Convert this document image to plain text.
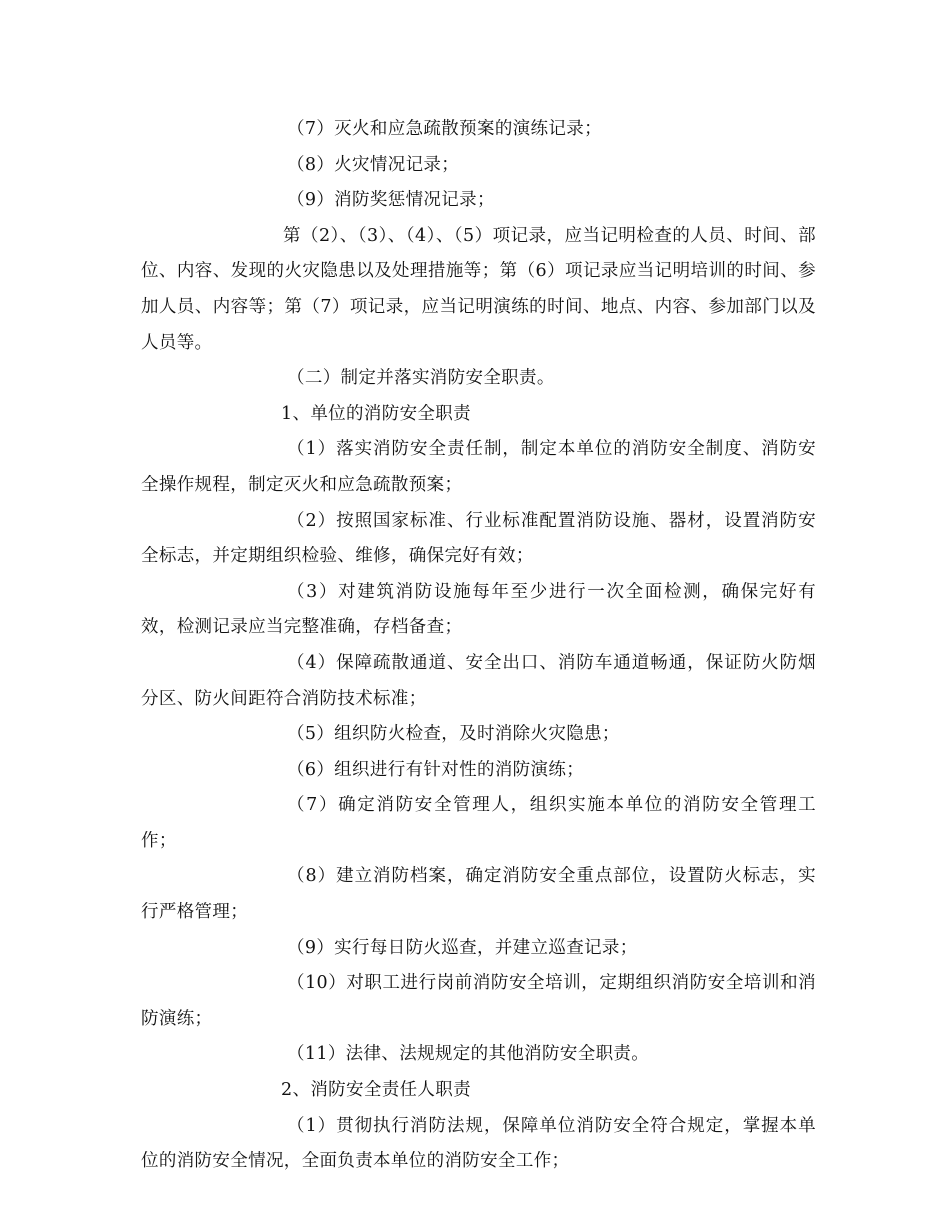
（7）灭火和应急疏散预案的演练记录；

（8）火灾情况记录；

（9）消防奖惩情况记录；

第（2）、（3）、（4）、（5）项记录，应当记明检查的人员、时间、部位、内容、发现的火灾隐患以及处理措施等；第（6）项记录应当记明培训的时间、参加人员、内容等；第（7）项记录，应当记明演练的时间、地点、内容、参加部门以及人员等。

（二）制定并落实消防安全职责。

1、单位的消防安全职责

（1）落实消防安全责任制，制定本单位的消防安全制度、消防安全操作规程，制定灭火和应急疏散预案；

（2）按照国家标准、行业标准配置消防设施、器材，设置消防安全标志，并定期组织检验、维修，确保完好有效；

（3）对建筑消防设施每年至少进行一次全面检测，确保完好有效，检测记录应当完整准确，存档备查；

（4）保障疏散通道、安全出口、消防车通道畅通，保证防火防烟分区、防火间距符合消防技术标准；

（5）组织防火检查，及时消除火灾隐患；

（6）组织进行有针对性的消防演练；

（7）确定消防安全管理人，组织实施本单位的消防安全管理工作；

（8）建立消防档案，确定消防安全重点部位，设置防火标志，实行严格管理；

（9）实行每日防火巡查，并建立巡查记录；

（10）对职工进行岗前消防安全培训，定期组织消防安全培训和消防演练；

（11）法律、法规规定的其他消防安全职责。

2、消防安全责任人职责

（1）贯彻执行消防法规，保障单位消防安全符合规定，掌握本单位的消防安全情况，全面负责本单位的消防安全工作；
